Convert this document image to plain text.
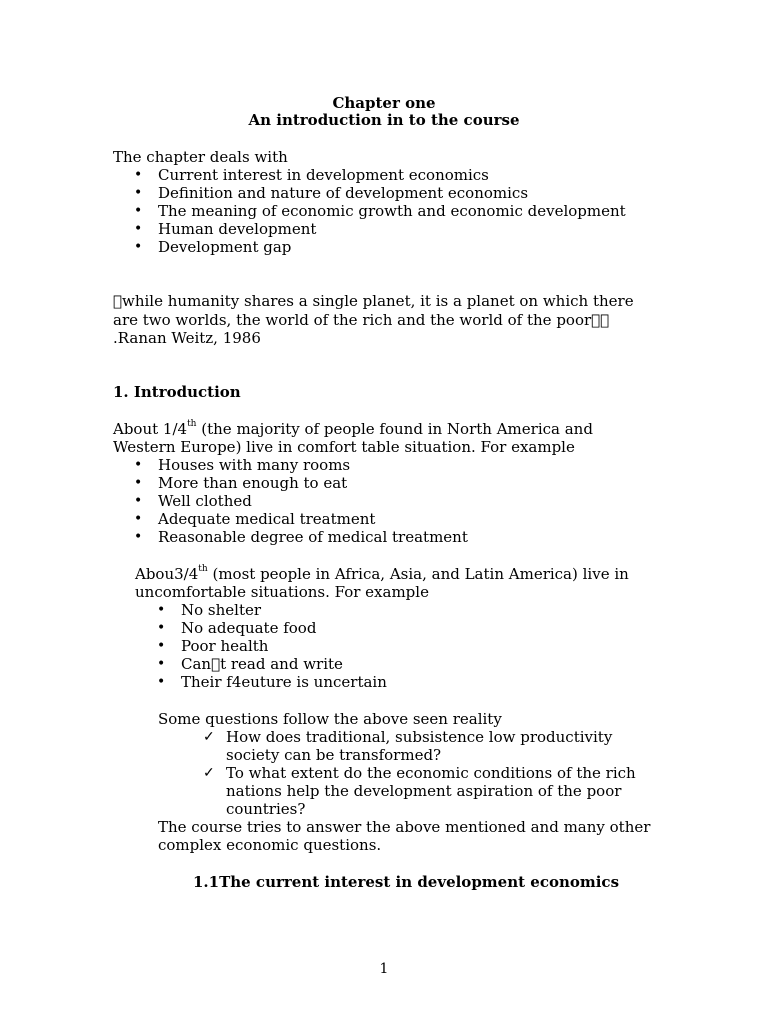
Chapter one
An introduction in to the course
The chapter deals with
• Current interest in development economics
• Definition and nature of development economics
• The meaning of economic growth and economic development
• Human development
• Development gap
 while humanity shares a single planet, it is a planet on which there
are two worlds, the world of the rich and the world of the poor  
.Ranan Weitz, 1986
1. Introduction
About 1/4th (the majority of people found in North America and
Western Europe) live in comfort table situation. For example
• Houses with many rooms
• More than enough to eat
• Well clothed
• Adequate medical treatment
• Reasonable degree of medical treatment
Abou3/4th (most people in Africa, Asia, and Latin America) live in
uncomfortable situations. For example
• No shelter
• No adequate food
• Poor health
• Can t read and write
• Their f4euture is uncertain
Some questions follow the above seen reality
✓ How does traditional, subsistence low productivity
society can be transformed?
✓ To what extent do the economic conditions of the rich
nations help the development aspiration of the poor
countries?
The course tries to answer the above mentioned and many other
complex economic questions.
1.1The current interest in development economics
1
